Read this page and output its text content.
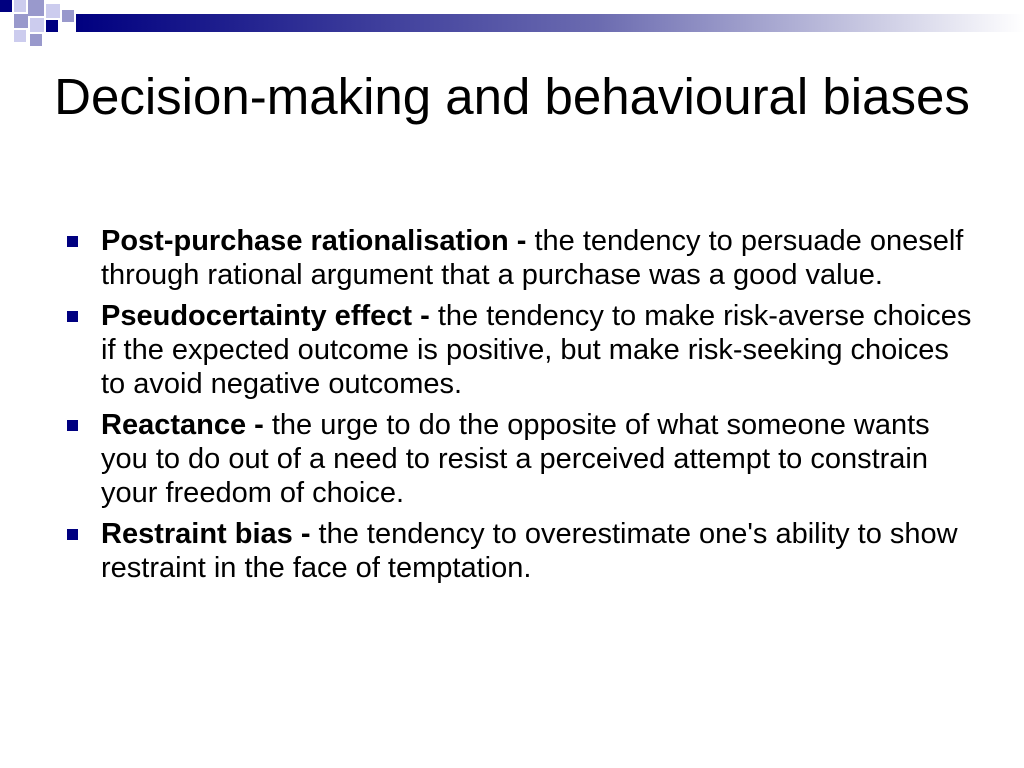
Decision-making and behavioural biases
Post-purchase rationalisation - the tendency to persuade oneself through rational argument that a purchase was a good value.
Pseudocertainty effect - the tendency to make risk-averse choices if the expected outcome is positive, but make risk-seeking choices to avoid negative outcomes.
Reactance - the urge to do the opposite of what someone wants you to do out of a need to resist a perceived attempt to constrain your freedom of choice.
Restraint bias - the tendency to overestimate one's ability to show restraint in the face of temptation.
